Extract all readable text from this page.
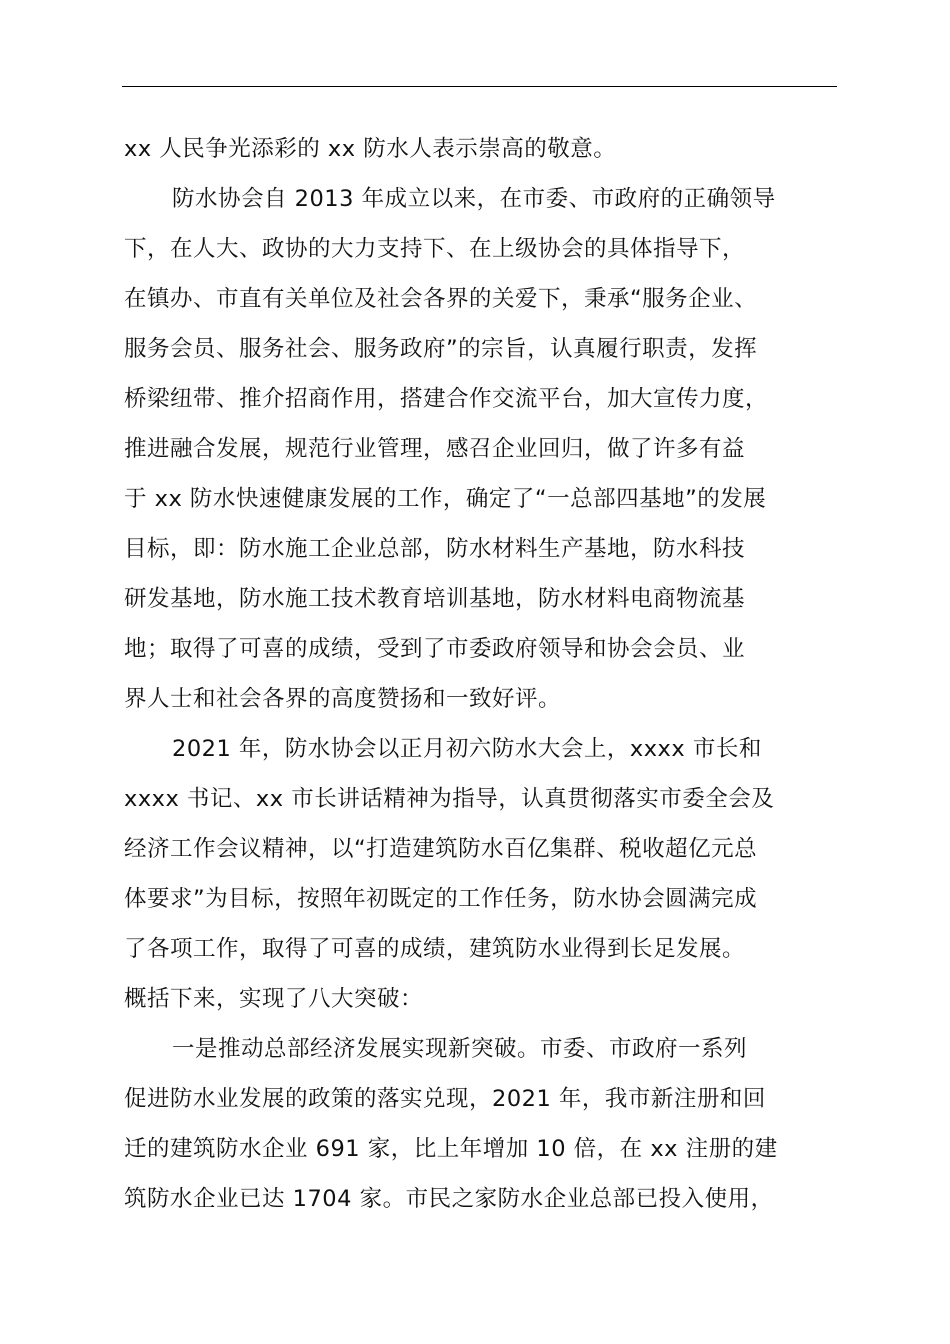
xx 人民争光添彩的 xx 防水人表示崇高的敬意。
防水协会自 2013 年成立以来，在市委、市政府的正确领导
下，在人大、政协的大力支持下、在上级协会的具体指导下，
在镇办、市直有关单位及社会各界的关爱下，秉承“服务企业、
服务会员、服务社会、服务政府”的宗旨，认真履行职责，发挥
桥梁纽带、推介招商作用，搭建合作交流平台，加大宣传力度，
推进融合发展，规范行业管理，感召企业回归，做了许多有益
于 xx 防水快速健康发展的工作，确定了“一总部四基地”的发展
目标，即：防水施工企业总部，防水材料生产基地，防水科技
研发基地，防水施工技术教育培训基地，防水材料电商物流基
地；取得了可喜的成绩，受到了市委政府领导和协会会员、业
界人士和社会各界的高度赞扬和一致好评。
2021 年，防水协会以正月初六防水大会上，xxxx 市长和
xxxx 书记、xx 市长讲话精神为指导，认真贯彻落实市委全会及
经济工作会议精神，以“打造建筑防水百亿集群、税收超亿元总
体要求”为目标，按照年初既定的工作任务，防水协会圆满完成
了各项工作，取得了可喜的成绩，建筑防水业得到长足发展。
概括下来，实现了八大突破：
一是推动总部经济发展实现新突破。市委、市政府一系列
促进防水业发展的政策的落实兑现，2021 年，我市新注册和回
迁的建筑防水企业 691 家，比上年增加 10 倍，在 xx 注册的建
筑防水企业已达 1704 家。市民之家防水企业总部已投入使用，
